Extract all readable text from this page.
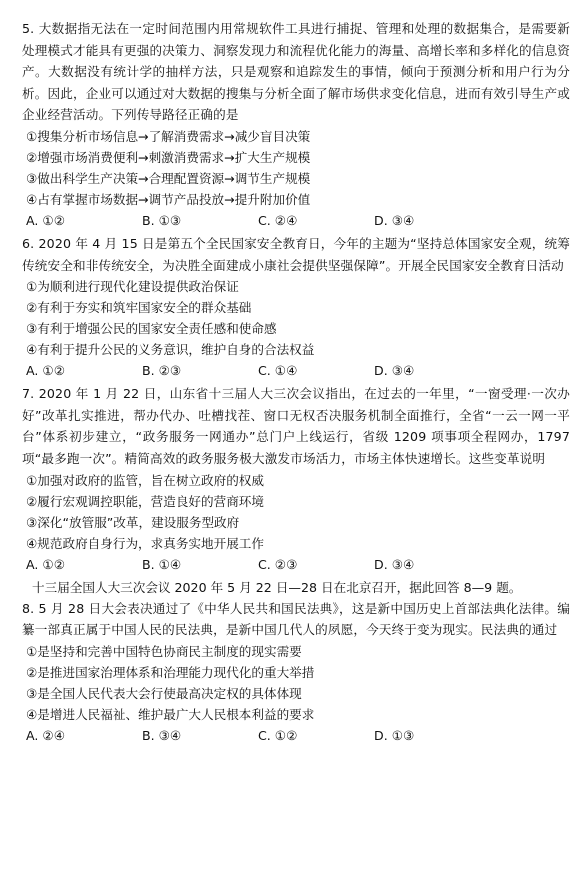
5. 大数据指无法在一定时间范围内用常规软件工具进行捕捉、管理和处理的数据集合，是需要新处理模式才能具有更强的决策力、洞察发现力和流程优化能力的海量、高增长率和多样化的信息资产。大数据没有统计学的抽样方法，只是观察和追踪发生的事情，倾向于预测分析和用户行为分析。因此，企业可以通过对大数据的搜集与分析全面了解市场供求变化信息，进而有效引导生产或企业经营活动。下列传导路径正确的是
①搜集分析市场信息→了解消费需求→减少盲目决策
②增强市场消费便利→刺激消费需求→扩大生产规模
③做出科学生产决策→合理配置资源→调节生产规模
④占有掌握市场数据→调节产品投放→提升附加价值
A. ①②	B. ①③	C. ②④	D. ③④
6. 2020 年 4 月 15 日是第五个全民国家安全教育日，今年的主题为“坚持总体国家安全观，统筹传统安全和非传统安全，为决胜全面建成小康社会提供坚强保障”。开展全民国家安全教育日活动
①为顺利进行现代化建设提供政治保证
②有利于夯实和筑牢国家安全的群众基础
③有利于增强公民的国家安全责任感和使命感
④有利于提升公民的义务意识，维护自身的合法权益
A. ①②	B. ②③	C. ①④	D. ③④
7. 2020 年 1 月 22 日，山东省十三届人大三次会议指出，在过去的一年里，“一窗受理·一次办好”改革扎实推进，帮办代办、吐槽找茬、窗口无权否决服务机制全面推行，全省“一云一网一平台”体系初步建立，“政务服务一网通办”总门户上线运行，省级 1209 项事项全程网办，1797 项“最多跑一次”。精简高效的政务服务极大激发市场活力，市场主体快速增长。这些变革说明
①加强对政府的监管，旨在树立政府的权威
②履行宏观调控职能，营造良好的营商环境
③深化“放管服”改革，建设服务型政府
④规范政府自身行为，求真务实地开展工作
A. ①②	B. ①④	C. ②③	D. ③④
十三届全国人大三次会议 2020 年 5 月 22 日—28 日在北京召开，据此回答 8—9 题。
8. 5 月 28 日大会表决通过了《中华人民共和国民法典》，这是新中国历史上首部法典化法律。编纂一部真正属于中国人民的民法典，是新中国几代人的夙愿，今天终于变为现实。民法典的通过
①是坚持和完善中国特色协商民主制度的现实需要
②是推进国家治理体系和治理能力现代化的重大举措
③是全国人民代表大会行使最高决定权的具体体现
④是增进人民福祉、维护最广大人民根本利益的要求
A. ②④	B. ③④	C. ①②	D. ①③
